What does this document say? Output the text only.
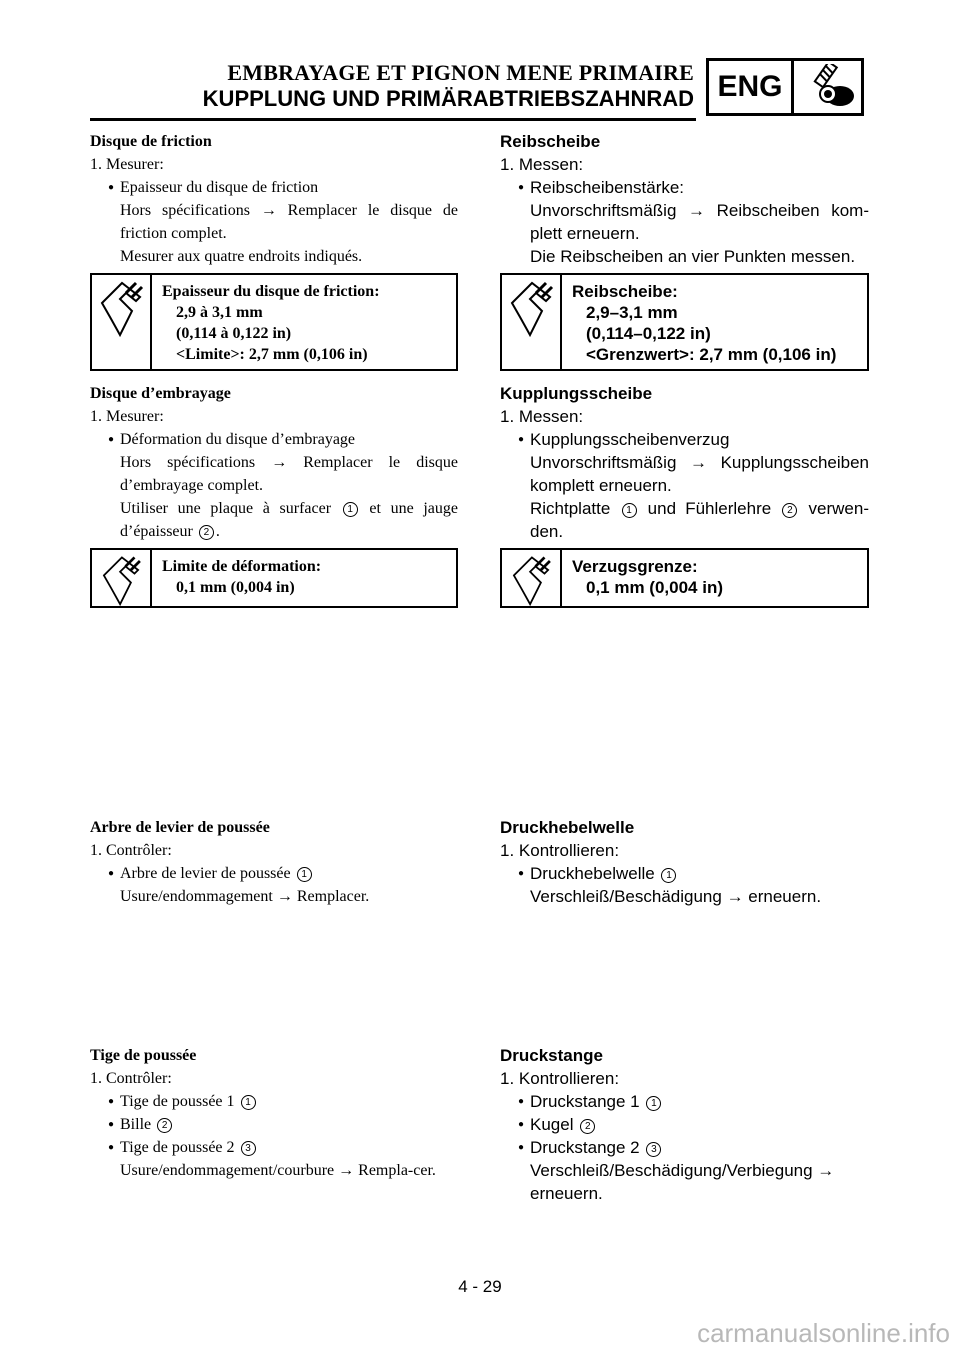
EMBRAYAGE ET PIGNON MENE PRIMAIRE
KUPPLUNG UND PRIMÄRABTRIEBSZAHNRAD ENG
Disque de friction
1. Mesurer:
● Epaisseur du disque de friction
Hors spécifications → Remplacer le disque de friction complet.
Mesurer aux quatre endroits indiqués.
Epaisseur du disque de friction:
2,9 à 3,1 mm
(0,114 à 0,122 in)
<Limite>: 2,7 mm (0,106 in)
Disque d’embrayage
1. Mesurer:
● Déformation du disque d’embrayage
Hors spécifications → Remplacer le disque d’embrayage complet.
Utiliser une plaque à surfacer 1 et une jauge d’épaisseur 2 .
Limite de déformation:
0,1 mm (0,004 in)
Arbre de levier de poussée
1. Contrôler:
● Arbre de levier de poussée 1
Usure/endommagement → Remplacer.
Tige de poussée
1. Contrôler:
● Tige de poussée 1 1
● Bille 2
● Tige de poussée 2 3
Usure/endommagement/courbure → Rempla-cer.
Reibscheibe
1. Messen:
● Reibscheibenstärke:
Unvorschriftsmäßig → Reibscheiben kom-plett erneuern.
Die Reibscheiben an vier Punkten messen.
Reibscheibe:
2,9–3,1 mm
(0,114–0,122 in)
<Grenzwert>: 2,7 mm (0,106 in)
Kupplungsscheibe
1. Messen:
● Kupplungsscheibenverzug
Unvorschriftsmäßig → Kupplungsscheiben komplett erneuern.
Richtplatte 1 und Fühlerlehre 2 verwen-den.
Verzugsgrenze:
0,1 mm (0,004 in)
Druckhebelwelle
1. Kontrollieren:
● Druckhebelwelle 1
Verschleiß/Beschädigung → erneuern.
Druckstange
1. Kontrollieren:
● Druckstange 1 1
● Kugel 2
● Druckstange 2 3
Verschleiß/Beschädigung/Verbiegung → erneuern.
4 - 29
carmanualsonline.info
